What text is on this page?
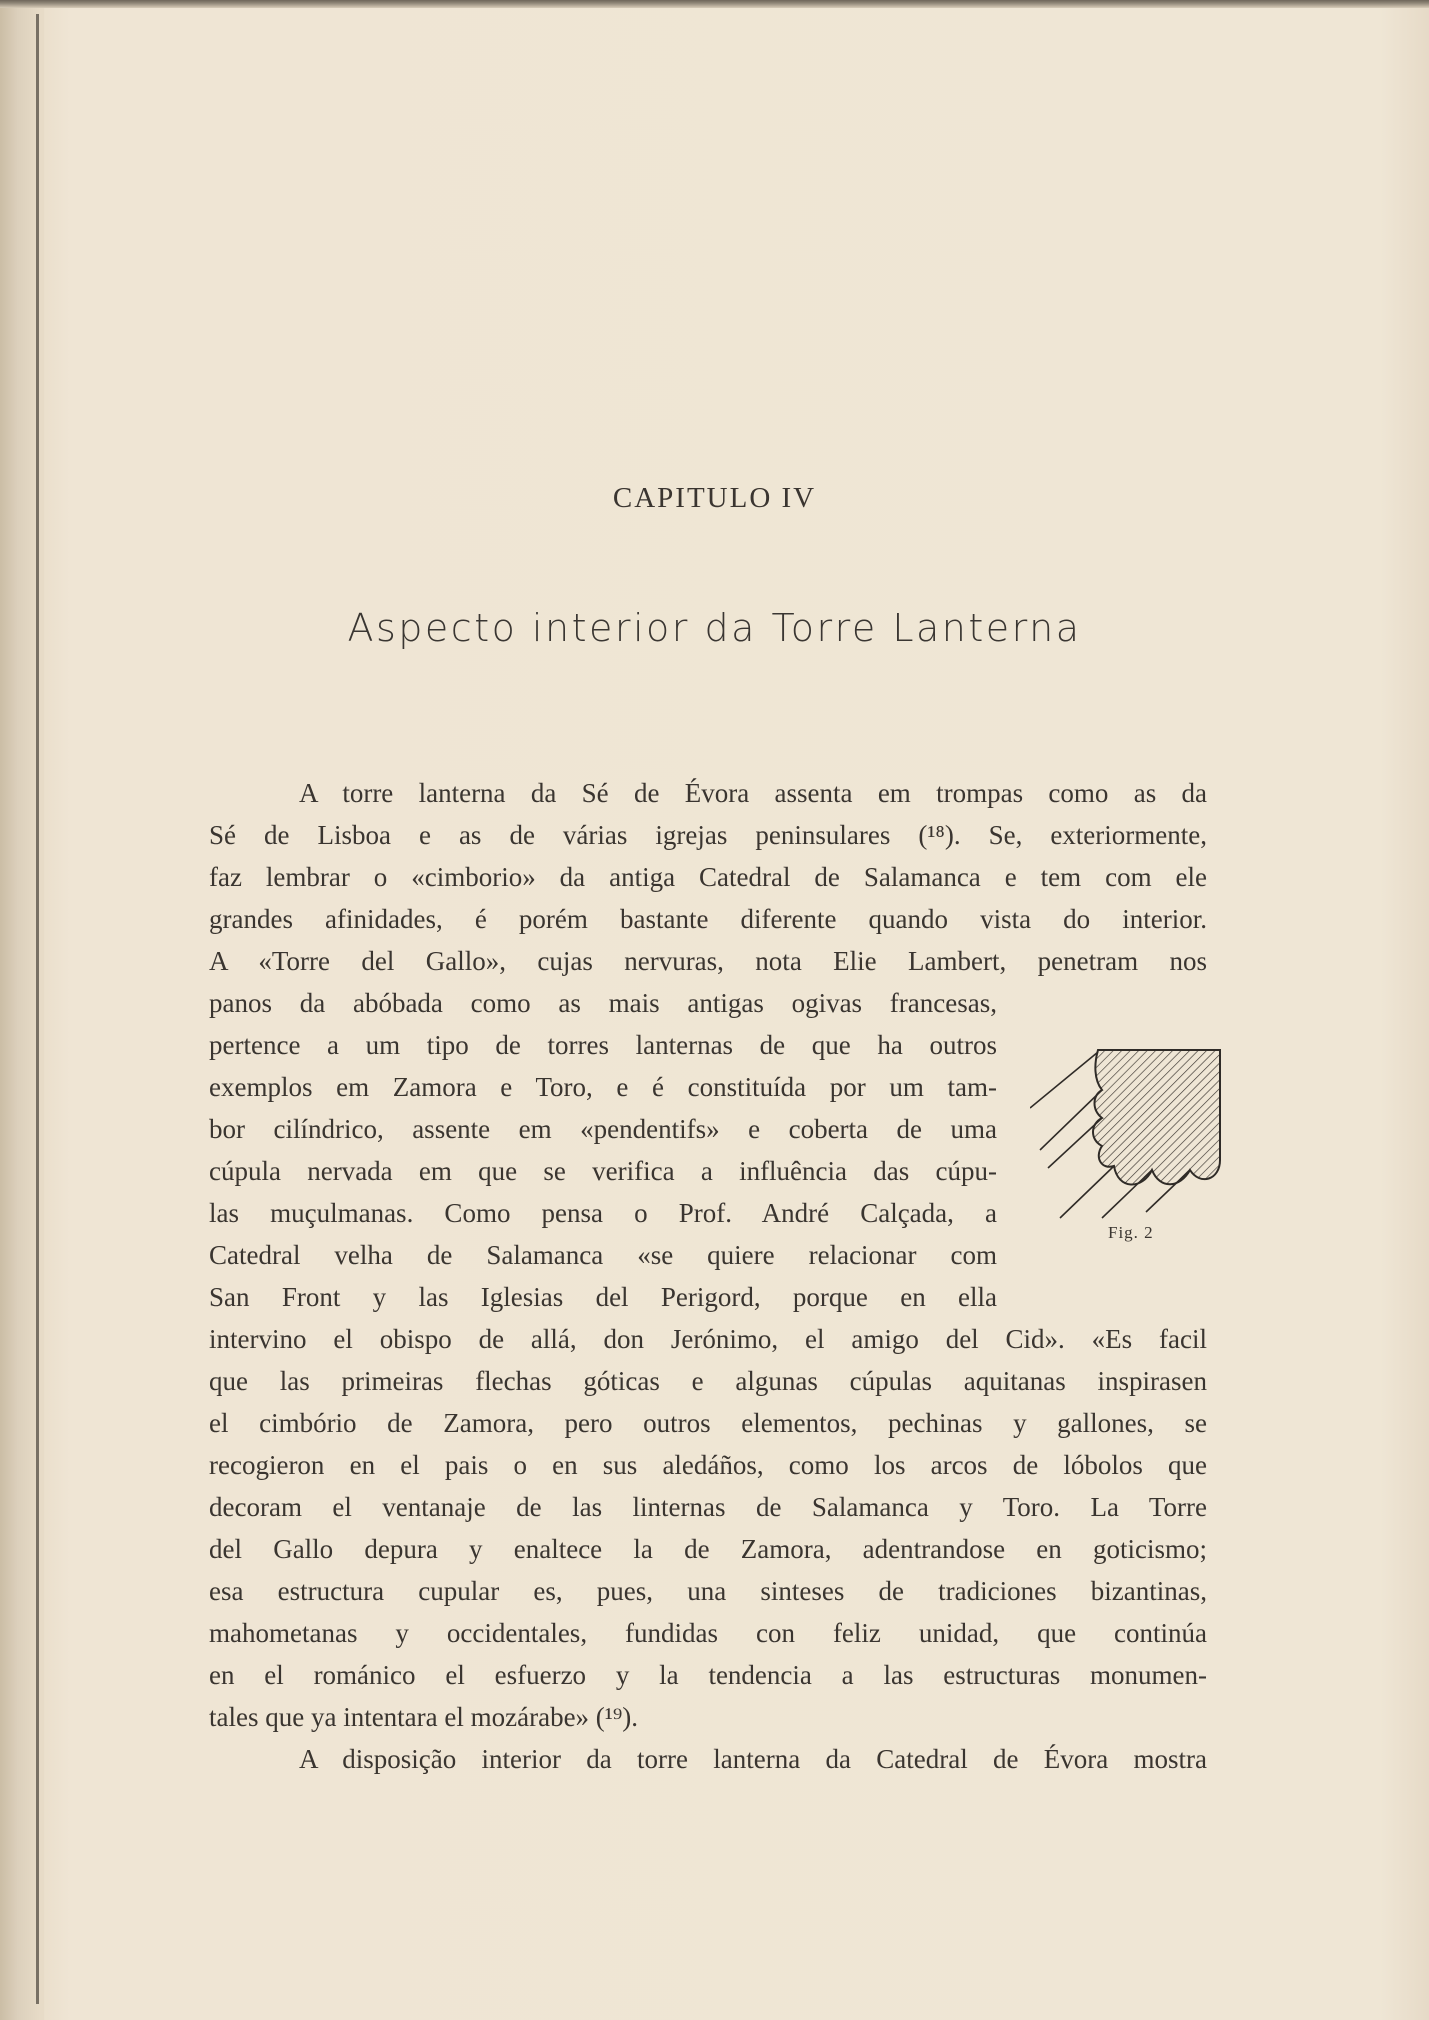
CAPITULO IV
Aspecto interior da Torre Lanterna
A torre lanterna da Sé de Évora assenta em trompas como as da
Sé de Lisboa e as de várias igrejas peninsulares (¹⁸). Se, exteriormente,
faz lembrar o «cimborio» da antiga Catedral de Salamanca e tem com ele
grandes afinidades, é porém bastante diferente quando vista do interior.
A «Torre del Gallo», cujas nervuras, nota Elie Lambert, penetram nos
panos da abóbada como as mais antigas ogivas francesas,
pertence a um tipo de torres lanternas de que ha outros
exemplos em Zamora e Toro, e é constituída por um tam-
bor cilíndrico, assente em «pendentifs» e coberta de uma
cúpula nervada em que se verifica a influência das cúpu-
las muçulmanas. Como pensa o Prof. André Calçada, a
Catedral velha de Salamanca «se quiere relacionar com
San Front y las Iglesias del Perigord, porque en ella
intervino el obispo de allá, don Jerónimo, el amigo del Cid». «Es facil
que las primeiras flechas góticas e algunas cúpulas aquitanas inspirasen
el cimbório de Zamora, pero outros elementos, pechinas y gallones, se
recogieron en el pais o en sus aledáños, como los arcos de lóbolos que
decoram el ventanaje de las linternas de Salamanca y Toro. La Torre
del Gallo depura y enaltece la de Zamora, adentrandose en goticismo;
esa estructura cupular es, pues, una sinteses de tradiciones bizantinas,
mahometanas y occidentales, fundidas con feliz unidad, que continúa
en el románico el esfuerzo y la tendencia a las estructuras monumen-
tales que ya intentara el mozárabe» (¹⁹).
A disposição interior da torre lanterna da Catedral de Évora mostra
Fig. 2
